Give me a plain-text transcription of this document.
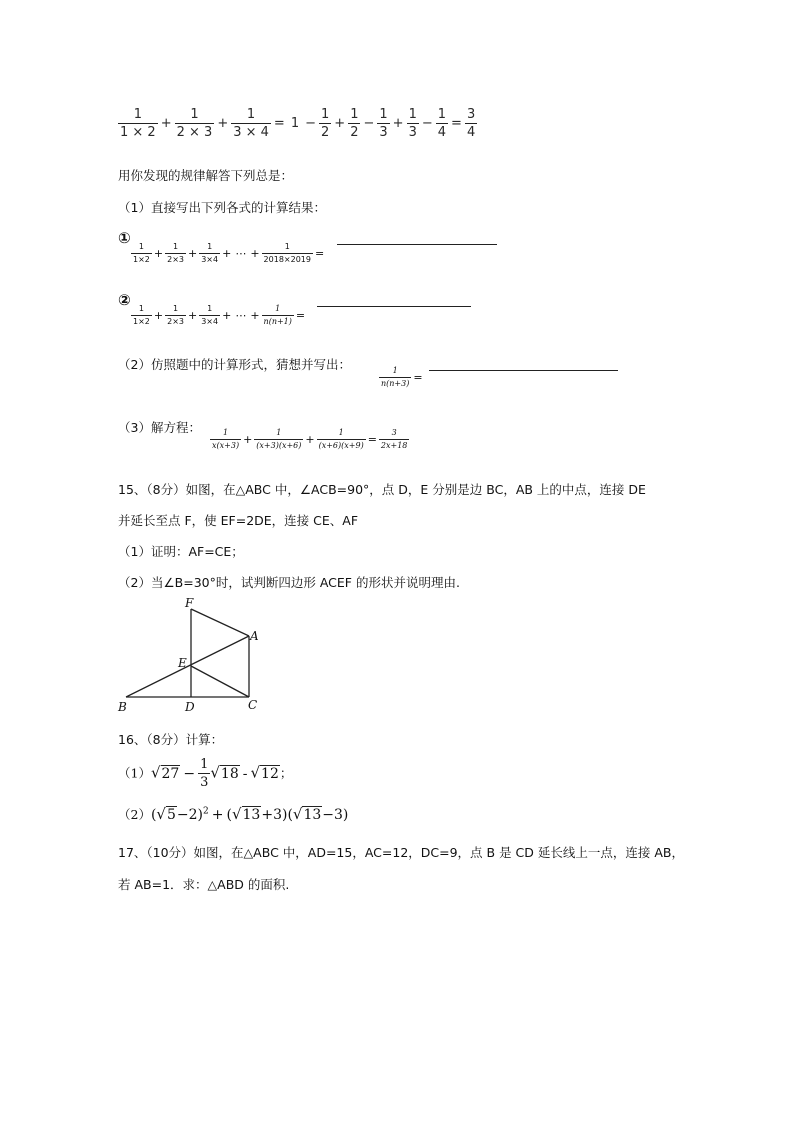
$\frac{1}{1 \times 2} + \frac{1}{2 \times 3} + \frac{1}{3 \times 4} = 1 - \frac{1}{2} + \frac{1}{2} - \frac{1}{3} + \frac{1}{3} - \frac{1}{4} = \frac{3}{4}$
用你发现的规律解答下列总是：
（1）直接写出下列各式的计算结果：
①
$\frac{1}{1\times 2} + \frac{1}{2\times 3} + \frac{1}{3\times 4}$ + ⋯ + $\frac{1}{2018\times 2019}$ =
②
$\frac{1}{1\times 2} + \frac{1}{2\times 3} + \frac{1}{3\times 4}$ + ⋯ + $\frac{1}{n(n+1)}$ =
（2）仿照题中的计算形式，猜想并写出：
$\frac{1}{n(n+3)}$ =
（3）解方程：
$\frac{1}{x(x+3)} + \frac{1}{(x+3)(x+6)} + \frac{1}{(x+6)(x+9)} = \frac{3}{2x+18}$
15、（8分）如图，在△ABC 中，∠ACB=90°，点 D，E 分别是边 BC，AB 上的中点，连接 DE
并延长至点 F，使 EF=2DE，连接 CE、AF
（1）证明：AF=CE；
（2）当∠B=30°时，试判断四边形 ACEF 的形状并说明理由.
F
A
E
B	D	C
16、（8分）计算：
$(1)√27 - \frac{1}{3} √18 - √12$；
$(2)(√5-2)^2 + (√13+3)(√13-3)$
17、（10分）如图，在△ABC 中，AD=15，AC=12，DC=9，点 B 是 CD 延长线上一点，连接 AB，
若 AB=1．求：△ABD 的面积.
